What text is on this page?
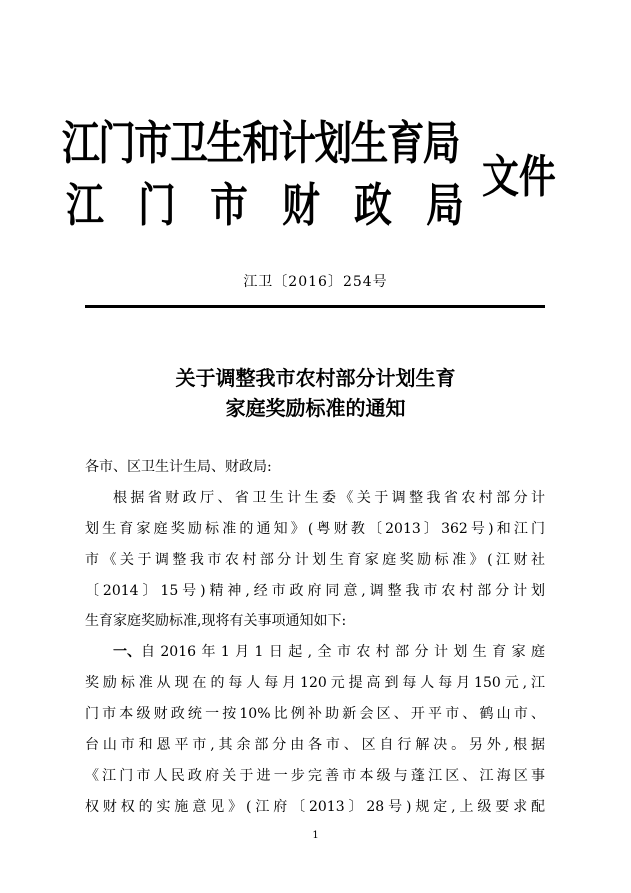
江门市卫生和计划生育局
江 门 市 财 政 局
文件
江卫〔2016〕254号
关于调整我市农村部分计划生育
家庭奖励标准的通知
各市、区卫生计生局、财政局:
根据省财政厅、省卫生计生委《关于调整我省农村部分计
划生育家庭奖励标准的通知》(粤财教〔2013〕362号)和江门
市《关于调整我市农村部分计划生育家庭奖励标准》(江财社
〔2014〕15号)精神,经市政府同意,调整我市农村部分计划
生育家庭奖励标准,现将有关事项通知如下:
一、 自2016年1月1日起,全市农村部分计划生育家庭
奖励标准从现在的每人每月120元提高到每人每月150元,江
门市本级财政统一按10%比例补助新会区、开平市、鹤山市、
台山市和恩平市,其余部分由各市、区自行解决。另外,根据
《江门市人民政府关于进一步完善市本级与蓬江区、江海区事
权财权的实施意见》(江府〔2013〕28号)规定,上级要求配
1
